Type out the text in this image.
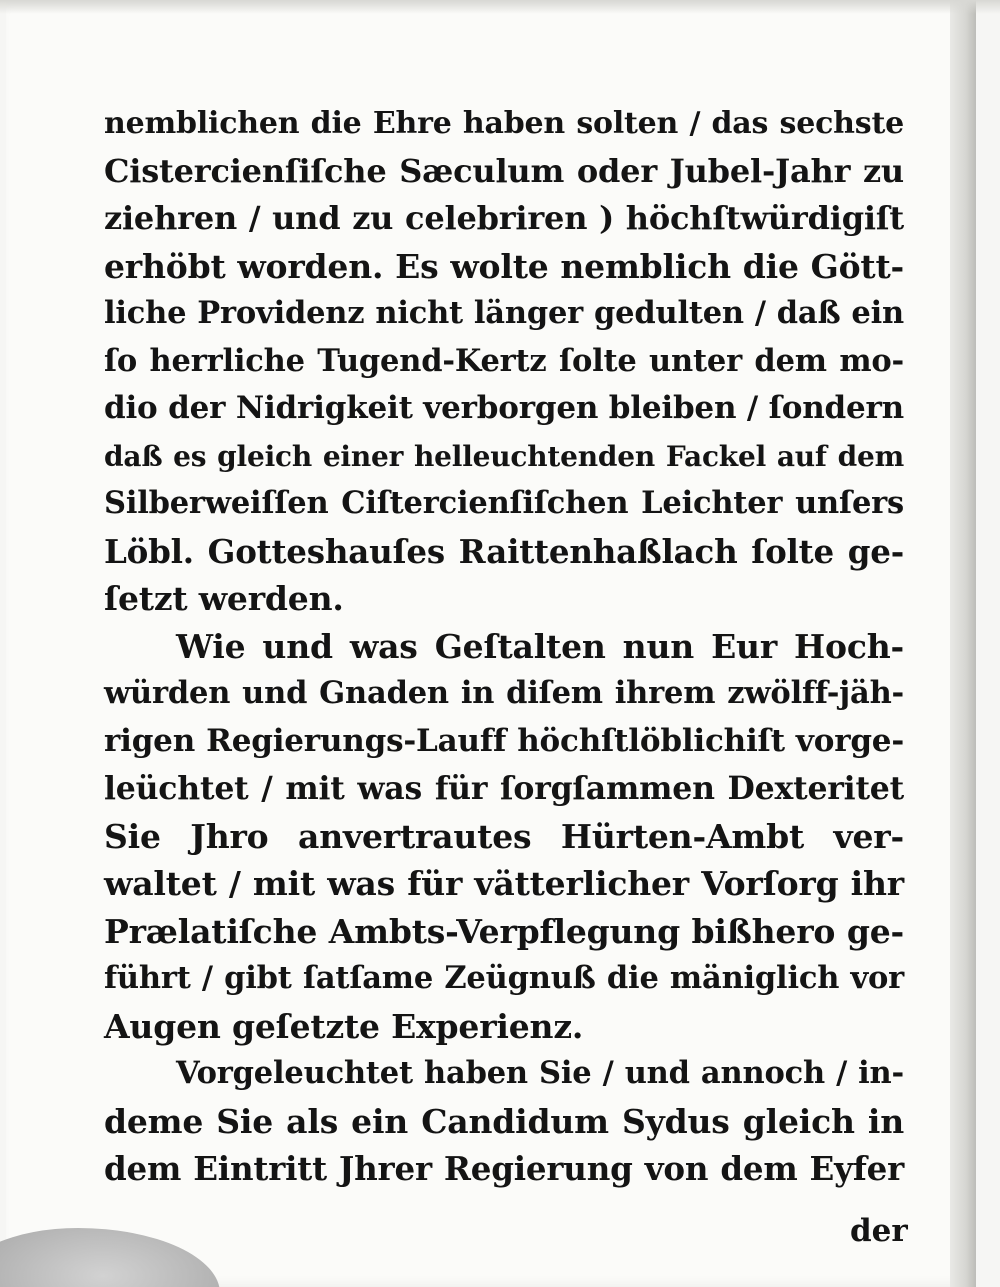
nemblichen die Ehre haben solten / das sechste
Cistercienſiſche Sæculum oder Jubel-Jahr zu
ziehren / und zu celebriren ) höchſtwürdigiſt
erhöbt worden. Es wolte nemblich die Gött-
liche Providenz nicht länger gedulten / daß ein
ſo herrliche Tugend-Kertz ſolte unter dem mo-
dio der Nidrigkeit verborgen bleiben / ſondern
daß es gleich einer helleuchtenden Fackel auf dem
Silberweiſſen Ciſtercienſiſchen Leichter unſers
Löbl. Gotteshauſes Raittenhaßlach ſolte ge-
ſetzt werden.
Wie und was Geſtalten nun Eur Hoch-
würden und Gnaden in diſem ihrem zwölff-jäh-
rigen Regierungs-Lauff höchſtlöblichiſt vorge-
leüchtet / mit was für ſorgſammen Dexteritet
Sie Jhro anvertrautes Hürten-Ambt ver-
waltet / mit was für vätterlicher Vorſorg ihr
Prælatiſche Ambts-Verpflegung bißhero ge-
führt / gibt ſatſame Zeügnuß die mäniglich vor
Augen geſetzte Experienz.
Vorgeleuchtet haben Sie / und annoch / in-
deme Sie als ein Candidum Sydus gleich in
dem Eintritt Jhrer Regierung von dem Eyfer
der
